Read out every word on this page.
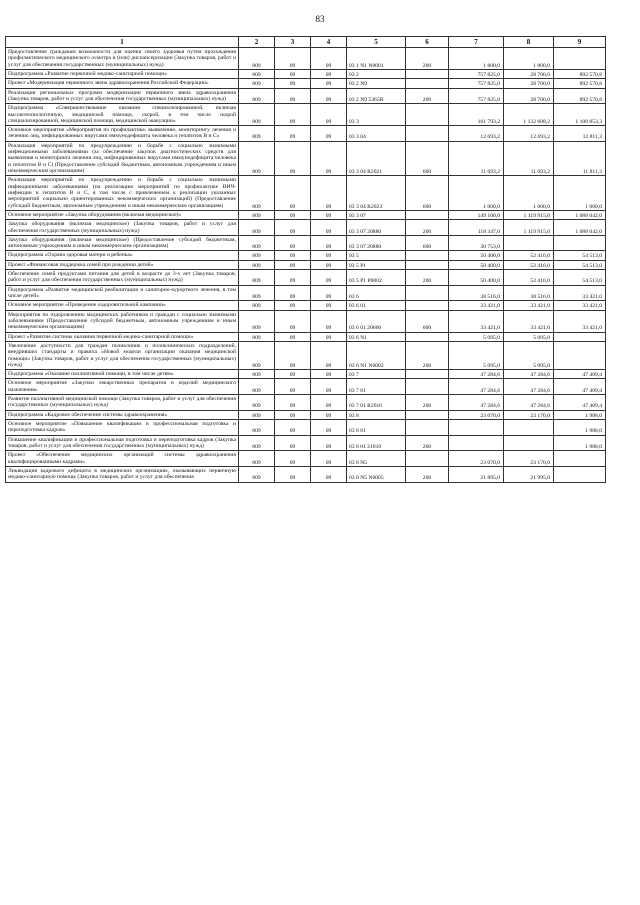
83
1	2	3	4	5	6	7	8	9
Предоставление гражданам возможности для оценки своего здоровья путем прохождения профилактического медицинского осмотра и (или) диспансеризации (Закупка товаров, работ и услуг для обеспечения государственных (муниципальных) нужд)	809	09	09	03 1 N1 N0001	200	1 800,0	1 800,0	
Подпрограмма «Развитие первичной медико-санитарной помощи»	809	09	09	03 2		757 825,0	28 700,0	892 570,8
Проект «Модернизация первичного звена здравоохранения Российской Федерации»	809	09	09	03 2 N9		757 825,0	28 700,0	892 570,8
Реализация региональных программ модернизации первичного звена здравоохранения (Закупка товаров, работ и услуг для обеспечения государственных (муниципальных) нужд)	809	09	09	03 2 N9 5365R	200	757 825,0	28 700,0	892 570,8
Подпрограмма «Совершенствование оказания специализированной, включая высокотехнологичную, медицинской помощи, скорой, в том числе скорой специализированной, медицинской помощи, медицинской эвакуации»	809	09	09	03 3		161 793,2	1 132 608,2	1 100 853,3
Основное мероприятие «Мероприятия по профилактике, выявлению, мониторингу лечения и лечению лиц, инфицированных вирусами иммунодефицита человека и гепатитов В и С»	809	09	09	03 3 04		12 693,2	12 693,2	12 811,3
Реализация мероприятий по предупреждению и борьбе с социально значимыми инфекционными заболеваниями (за обеспечение закупок диагностических средств для выявления и мониторинга лечения лиц, инфицированных вирусами иммунодефицита человека и гепатитов В и С) (Предоставление субсидий бюджетным, автономным учреждениям и иным некоммерческим организациям)	809	09	09	03 3 04 R2021	600	11 693,2	11 693,2	11 811,3
Реализация мероприятий по предупреждению и борьбе с социально значимыми инфекционными заболеваниями (на реализацию мероприятий по профилактике ВИЧ-инфекции и гепатитов В и С, в том числе с привлечением к реализации указанных мероприятий социально ориентированных некоммерческих организаций) (Предоставление субсидий бюджетным, автономным учреждениям и иным некоммерческим организациям)	809	09	09	03 3 04 R2023	600	1 000,0	1 000,0	1 000,0
Основное мероприятие «Закупка оборудования (включая медицинское)»	809	09	09	03 3 07		149 100,0	1 119 915,0	1 088 042,0
Закупка оборудования (включая медицинское) (Закупка товаров, работ и услуг для обеспечения государственных (муниципальных) нужд)	809	09	09	03 3 07 20880	200	118 347,0	1 119 915,0	1 088 042,0
Закупка оборудования (включая медицинское) (Предоставление субсидий бюджетным, автономным учреждениям и иным некоммерческим организациям)	809	09	09	03 3 07 20880	600	30 753,0		
Подпрограмма «Охрана здоровья матери и ребенка»	809	09	09	03 5		50 400,0	52 416,0	54 513,0
Проект «Финансовая поддержка семей при рождении детей»	809	09	09	03 5 P1		50 400,0	52 416,0	54 513,0
Обеспечение семей продуктами питания для детей в возрасте до 3-х лет (Закупка товаров, работ и услуг для обеспечения государственных (муниципальных) нужд)	809	09	09	03 5 P1 P0002	200	50 400,0	52 416,0	54 513,0
Подпрограмма «Развитие медицинской реабилитации и санаторно-курортного лечения, в том числе детей»	809	09	09	03 6		38 516,0	38 516,0	33 421,0
Основное мероприятие «Проведение оздоровительной кампании»	809	09	09	03 6 01		33 421,0	33 421,0	33 421,0
Мероприятия по оздоровлению медицинских работников и граждан с социально значимыми заболеваниями (Предоставление субсидий бюджетным, автономным учреждениям и иным некоммерческим организациям)	809	09	09	03 6 01 20660	600	33 421,0	33 421,0	33 421,0
Проект «Развитие системы оказания первичной медико-санитарной помощи»	809	09	09	03 6 N1		5 095,0	5 095,0	
Увеличение доступности для граждан поликлиник и поликлинических подразделений, внедривших стандарты и правила «Новой модели организации оказания медицинской помощи» (Закупка товаров, работ и услуг для обеспечения государственных (муниципальных) нужд)	809	09	09	03 6 N1 N0002	200	5 095,0	5 095,0	
Подпрограмма «Оказание паллиативной помощи, в том числе детям»	809	09	09	03 7		47 284,6	47 284,6	47 409,4
Основное мероприятие «Закупки лекарственных препаратов и изделий медицинского назначения»	809	09	09	03 7 01		47 284,6	47 284,6	47 409,4
Развитие паллиативной медицинской помощи (Закупка товаров, работ и услуг для обеспечения государственных (муниципальных) нужд)	809	09	09	03 7 01 R2010	200	47 284,6	47 284,6	47 409,4
Подпрограмма «Кадровое обеспечение системы здравоохранения»	809	09	09	03 8		23 070,0	23 170,0	1 988,0
Основное мероприятие «Повышение квалификации и профессиональная подготовка и переподготовка кадров»	809	09	09	03 8 01				1 988,0
Повышение квалификации и профессиональная подготовка и переподготовка кадров (Закупка товаров, работ и услуг для обеспечения государственных (муниципальных) нужд)	809	09	09	03 8 01 21010	200			1 988,0
Проект «Обеспечение медицинских организаций системы здравоохранения квалифицированными кадрами»	809	09	09	03 8 N5		23 070,0	23 170,0	
Ликвидация кадрового дефицита в медицинских организациях, оказывающих первичную медико-санитарную помощь (Закупка товаров, работ и услуг для обеспечения	809	09	09	03 8 N5 N0005	200	21 895,0	21 995,0	
